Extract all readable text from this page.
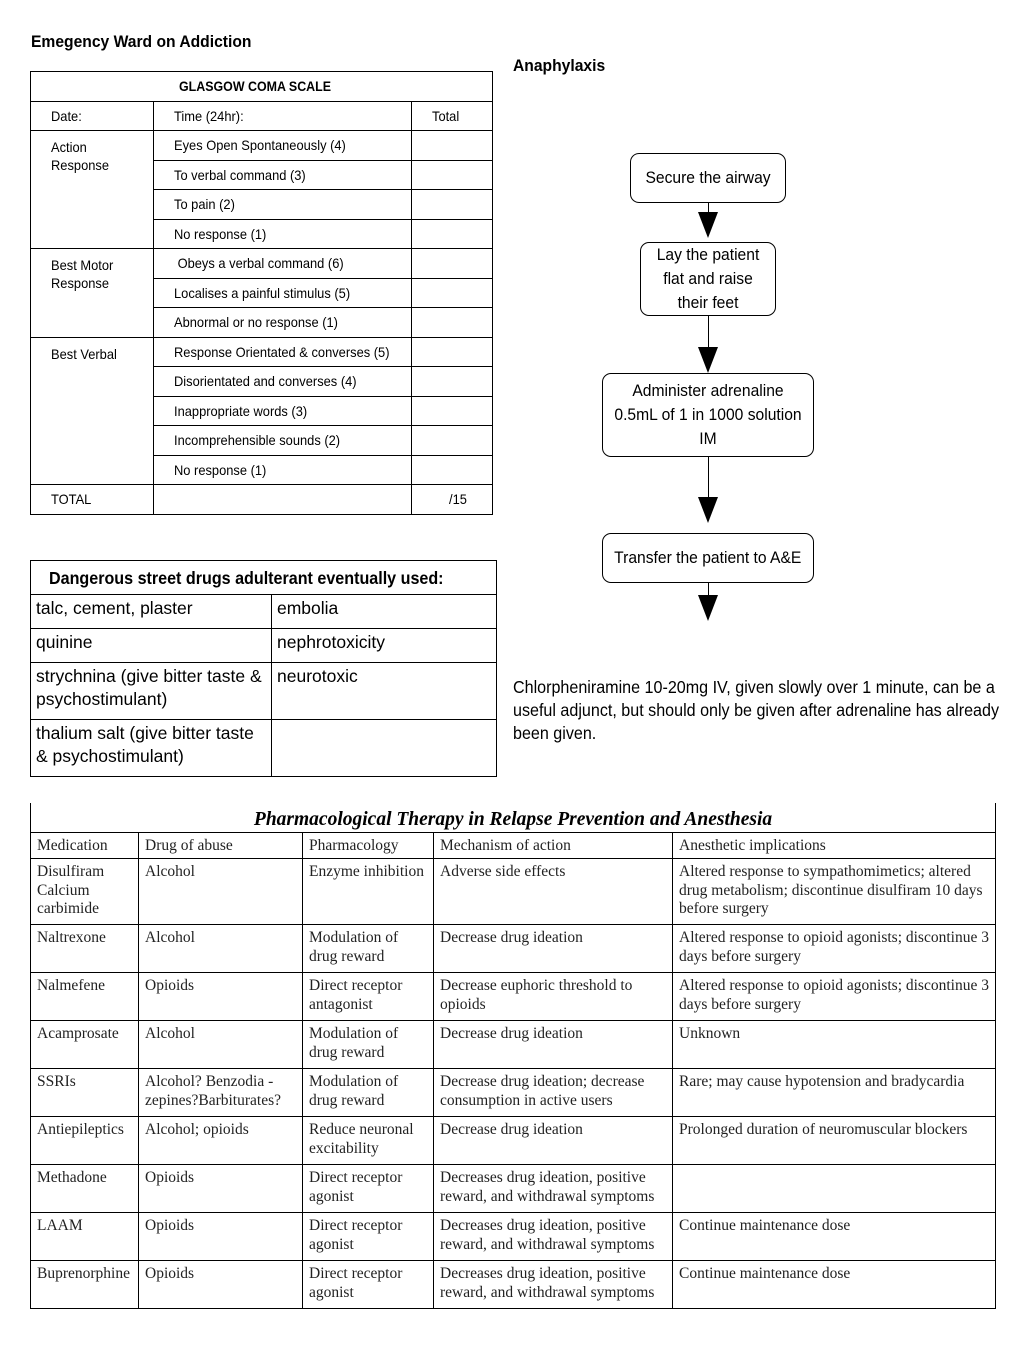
Emegency Ward on Addiction
GLASGOW COMA SCALE		
Date:	Time (24hr):	Total
Action Response	Eyes Open Spontaneously (4)	
	To verbal command (3)	
	To pain (2)	
	No response (1)	
Best Motor Response	Obeys a verbal command (6)	
	Localises a painful stimulus (5)	
	Abnormal or no response (1)	
Best Verbal	Response Orientated & converses (5)	
	Disorientated and converses (4)	
	Inappropriate words (3)	
	Incomprehensible sounds (2)	
	No response (1)	
TOTAL		/15
Dangerous street drugs adulterant eventually used:	
talc, cement, plaster	embolia
quinine	nephrotoxicity
strychnina (give bitter taste & psychostimulant)	neurotoxic
thalium salt (give bitter taste & psychostimulant)	
Anaphylaxis
Secure the airway
Lay the patient flat and raise their feet
Administer adrenaline 0.5mL of 1 in 1000 solution IM
Transfer the patient to A&E
Chlorpheniramine 10-20mg IV, given slowly over 1 minute, can be a useful adjunct, but should only be given after adrenaline has already been given.
Pharmacological Therapy in Relapse Prevention and Anesthesia				
Medication	Drug of abuse	Pharmacology	Mechanism of action	Anesthetic implications
Disulfiram Calcium carbimide	Alcohol	Enzyme inhibition	Adverse side effects	Altered response to sympathomimetics; altered drug metabolism; discontinue disulfiram 10 days before surgery
Naltrexone	Alcohol	Modulation of drug reward	Decrease drug ideation	Altered response to opioid agonists; discontinue 3 days before surgery
Nalmefene	Opioids	Direct receptor antagonist	Decrease euphoric threshold to opioids	Altered response to opioid agonists; discontinue 3 days before surgery
Acamprosate	Alcohol	Modulation of drug reward	Decrease drug ideation	Unknown
SSRIs	Alcohol? Benzodia -zepines?Barbiturates?	Modulation of drug reward	Decrease drug ideation; decrease consumption in active users	Rare; may cause hypotension and bradycardia
Antiepileptics	Alcohol; opioids	Reduce neuronal excitability	Decrease drug ideation	Prolonged duration of neuromuscular blockers
Methadone	Opioids	Direct receptor agonist	Decreases drug ideation, positive reward, and withdrawal symptoms	
LAAM	Opioids	Direct receptor agonist	Decreases drug ideation, positive reward, and withdrawal symptoms	Continue maintenance dose
Buprenorphine	Opioids	Direct receptor agonist	Decreases drug ideation, positive reward, and withdrawal symptoms	Continue maintenance dose
